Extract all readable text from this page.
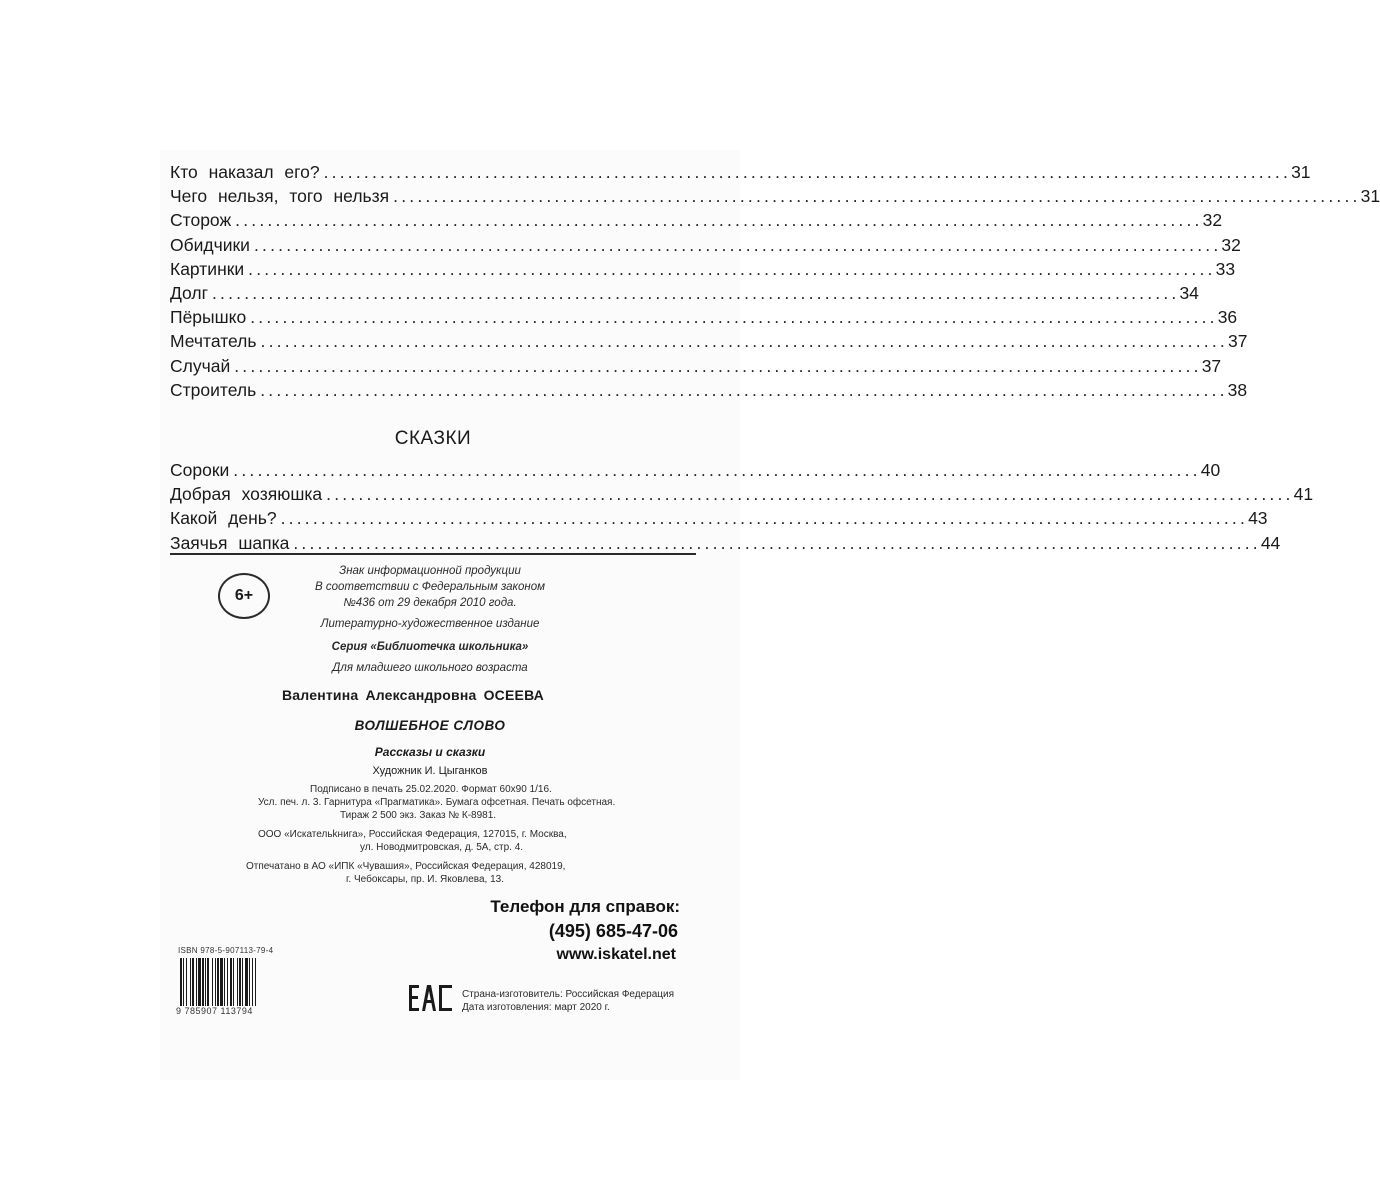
Кто наказал его? ........................................................................................................................ 31
Чего нельзя, того нельзя ........................................................................................................................ 31
Сторож ........................................................................................................................ 32
Обидчики ........................................................................................................................ 32
Картинки ........................................................................................................................ 33
Долг ........................................................................................................................ 34
Пёрышко ........................................................................................................................ 36
Мечтатель ........................................................................................................................ 37
Случай ........................................................................................................................ 37
Строитель ........................................................................................................................ 38
СКАЗКИ
Сороки ........................................................................................................................ 40
Добрая хозяюшка ........................................................................................................................ 41
Какой день? ........................................................................................................................ 43
Заячья шапка ........................................................................................................................ 44
6+
Знак информационной продукции
В соответствии с Федеральным законом
№436 от 29 декабря 2010 года.
Литературно-художественное издание
Серия «Библиотечка школьника»
Для младшего школьного возраста
Валентина Александровна ОСЕЕВА
ВОЛШЕБНОЕ СЛОВО
Рассказы и сказки
Художник И. Цыганков
Подписано в печать 25.02.2020. Формат 60х90 1/16.
Усл. печ. л. 3. Гарнитура «Прагматика». Бумага офсетная. Печать офсетная.
Тираж 2 500 экз. Заказ № К-8981.
ООО «Искательkнига», Российская Федерация, 127015, г. Москва,
ул. Новодмитровская, д. 5А, стр. 4.
Отпечатано в АО «ИПК «Чувашия», Российская Федерация, 428019,
г. Чебоксары, пр. И. Яковлева, 13.
Телефон для справок:
(495) 685-47-06
www.iskatel.net
ISBN 978-5-907113-79-4
9 785907 113794
Страна-изготовитель: Российская Федерация
Дата изготовления: март 2020 г.
